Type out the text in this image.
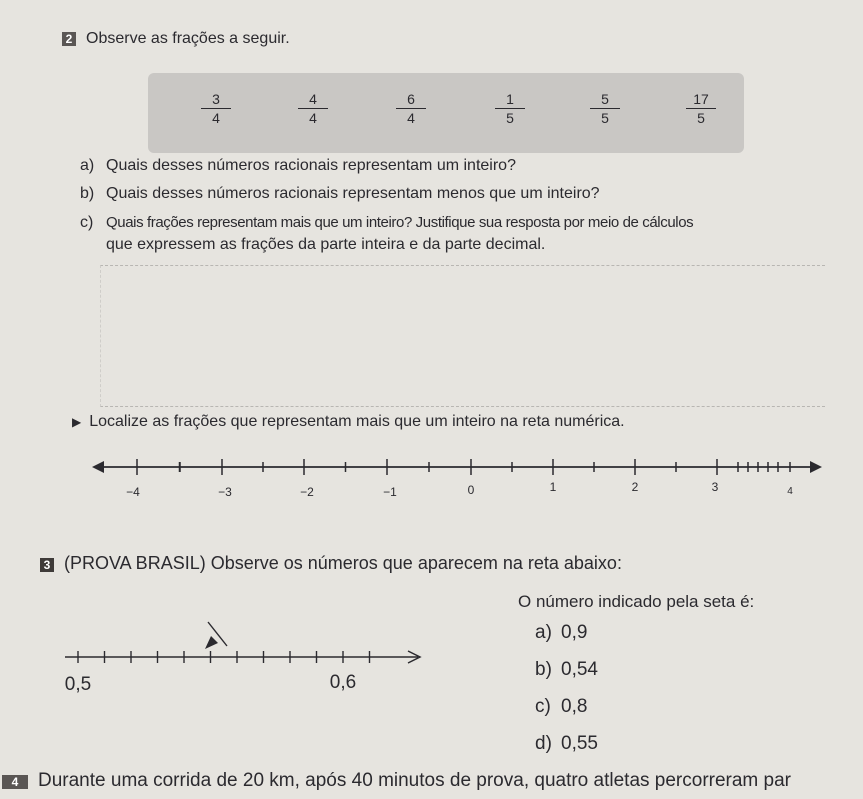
2 Observe as frações a seguir.
$\frac{3}{4}$	$\frac{4}{4}$	$\frac{6}{4}$	$\frac{1}{5}$	$\frac{5}{5}$	$\frac{17}{5}$
a) Quais desses números racionais representam um inteiro?
b) Quais desses números racionais representam menos que um inteiro?
c) Quais frações representam mais que um inteiro? Justifique sua resposta por meio de cálculos
que expressem as frações da parte inteira e da parte decimal.
▶ Localize as frações que representam mais que um inteiro na reta numérica.
−4	−3	−2	−1	0	1	2	3	4
3 (PROVA BRASIL) Observe os números que aparecem na reta abaixo:
0,5	0,6
O número indicado pela seta é:
a) 0,9
b) 0,54
c) 0,8
d) 0,55
4 Durante uma corrida de 20 km, após 40 minutos de prova, quatro atletas percorreram par
